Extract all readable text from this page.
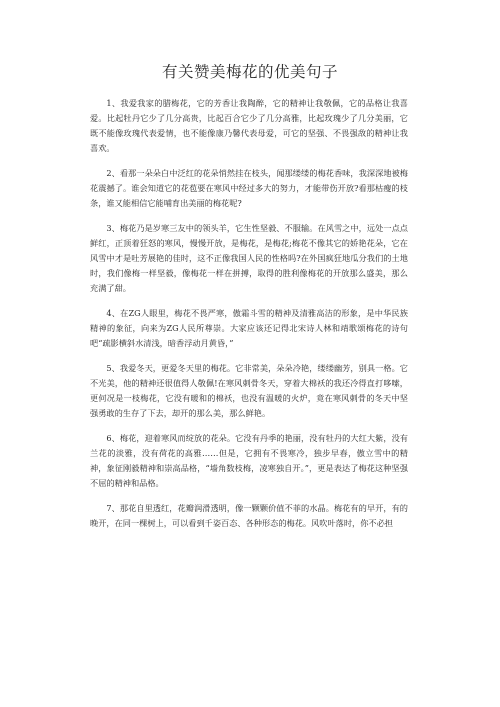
有关赞美梅花的优美句子

1、我爱我家的腊梅花，它的芳香让我陶醉，它的精神让我敬佩，它的品格让我喜爱。比起牡丹它少了几分高贵，比起百合它少了几分高雅，比起玫瑰少了几分美丽，它既不能像玫瑰代表爱情，也不能像康乃馨代表母爱，可它的坚强、不畏强敌的精神让我喜欢。

2、看那一朵朵白中泛红的花朵悄然挂在枝头，闻那缕缕的梅花香味，我深深地被梅花震撼了。谁会知道它的花苞要在寒风中经过多大的努力，才能带伤开放?看那枯瘦的枝条，谁又能相信它能哺育出美丽的梅花呢?

3、梅花乃是岁寒三友中的领头羊，它生性坚毅、不服输。在风雪之中，远处一点点鲜红，正顶着狂怒的寒风，慢慢开放，是梅花，是梅花;梅花不像其它的娇艳花朵，它在风雪中才是吐芳展艳的佳时，这不正像我国人民的性格吗?在外国疯狂地瓜分我们的土地时，我们像梅一样坚毅，像梅花一样在拼搏，取得的胜利像梅花的开放那么盛美，那么充满了甜。

4、在ZG人眼里，梅花不畏严寒，傲霜斗雪的精神及清雅高洁的形象，是中华民族精神的象征，向来为ZG人民所尊崇。大家应该还记得北宋诗人林和靖歌颂梅花的诗句吧“疏影横斜水清浅，暗香浮动月黄昏，”

5、我爱冬天，更爱冬天里的梅花。它非常美，朵朵冷艳，缕缕幽芳，别具一格。它不光美，他的精神还很值得人敬佩!在寒风刺骨冬天，穿着大棉袄的我还冷得直打哆嗦，更何况是一枝梅花，它没有暖和的棉袄，也没有温暖的火炉，竟在寒风刺骨的冬天中坚强勇敢的生存了下去，却开的那么美，那么鲜艳。

6、梅花，迎着寒风而绽放的花朵。它没有丹季的艳丽，没有牡丹的大红大紫，没有兰花的淡雅，没有荷花的高雅……但是，它拥有不畏寒冷，独步早春，傲立雪中的精神，象征刚毅精神和崇高品格，“墙角数枝梅，凌寒独自开。”，更是表达了梅花这种坚强不屈的精神和品格。

7、那花自里透红，花瓣润滑透明，像一颗颗价值不菲的水晶。梅花有的早开，有的晚开，在同一棵树上，可以看到千姿百态、各种形态的梅花。风吹叶落时，你不必担
